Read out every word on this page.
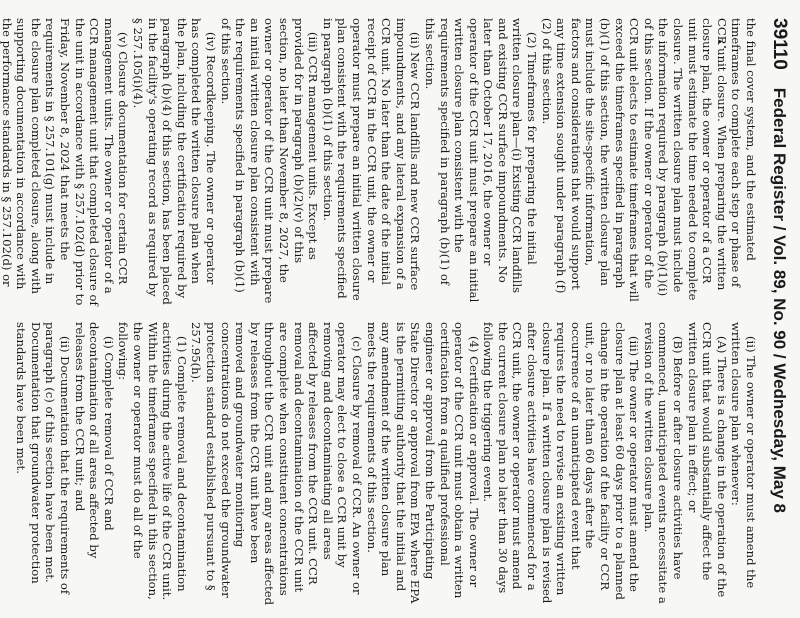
39110
Federal Register / Vol. 89, No. 90 / Wednesday, May 8

the final cover system, and the estimated timeframes to complete each step or phase of CCR unit closure. When preparing the written closure plan, the owner or operator of a CCR unit must estimate the time needed to complete closure. The written closure plan must include the information required by paragraph (b)(1)(i) of this section. If the owner or operator of the CCR unit elects to estimate timeframes that will exceed the timeframes specified in paragraph (b)(1) of this section, the written closure plan must include the site-specific information, factors and considerations that would support any time extension sought under paragraph (f)(2) of this section.

(2) Timeframes for preparing the initial written closure plan—(i) Existing CCR landfills and existing CCR surface impoundments. No later than October 17, 2016, the owner or operator of the CCR unit must prepare an initial written closure plan consistent with the requirements specified in paragraph (b)(1) of this section.

(ii) New CCR landfills and new CCR surface impoundments, and any lateral expansion of a CCR unit. No later than the date of the initial receipt of CCR in the CCR unit, the owner or operator must prepare an initial written closure plan consistent with the requirements specified in paragraph (b)(1) of this section.

(iii) CCR management units. Except as provided for in paragraph (b)(2)(v) of this section, no later than November 8, 2027, the owner or operator of the CCR unit must prepare an initial written closure plan consistent with the requirements specified in paragraph (b)(1) of this section.

(iv) Recordkeeping. The owner or operator has completed the written closure plan when the plan, including the certification required by paragraph (b)(4) of this section, has been placed in the facility's operating record as required by § 257.105(i)(4).

(v) Closure documentation for certain CCR management units. The owner or operator of a CCR management unit that completed closure of the unit in accordance with § 257.102(d) prior to Friday, November 8, 2024 that meets the requirements in § 257.101(g) must include in the closure plan completed closure, along with supporting documentation in accordance with the performance standards in § 257.102(d) or

(ii) The owner or operator must amend the written closure plan whenever:

(A) There is a change in the operation of the CCR unit that would substantially affect the written closure plan in effect; or

(B) Before or after closure activities have commenced, unanticipated events necessitate a revision of the written closure plan.

(iii) The owner or operator must amend the closure plan at least 60 days prior to a planned change in the operation of the facility or CCR unit, or no later than 60 days after the occurrence of an unanticipated event that requires the need to revise an existing written closure plan. If a written closure plan is revised after closure activities have commenced for a CCR unit, the owner or operator must amend the current closure plan no later than 30 days following the triggering event.

(4) Certification or approval. The owner or operator of the CCR unit must obtain a written certification from a qualified professional engineer or approval from the Participating State Director or approval from EPA where EPA is the permitting authority that the initial and any amendment of the written closure plan meets the requirements of this section.

(c) Closure by removal of CCR. An owner or operator may elect to close a CCR unit by removing and decontaminating all areas affected by releases from the CCR unit. CCR removal and decontamination of the CCR unit are complete when constituent concentrations throughout the CCR unit and any areas affected by releases from the CCR unit have been removed and groundwater monitoring concentrations do not exceed the groundwater protection standard established pursuant to § 257.95(h).

(1) Complete removal and decontamination activities during the active life of the CCR unit. Within the timeframes specified in this section, the owner or operator must do all of the following:

(i) Complete removal of CCR and decontamination of all areas affected by releases from the CCR unit; and

(ii) Documentation that the requirements of paragraph (c) of this section have been met. Documentation that groundwater protection standards have been met.
